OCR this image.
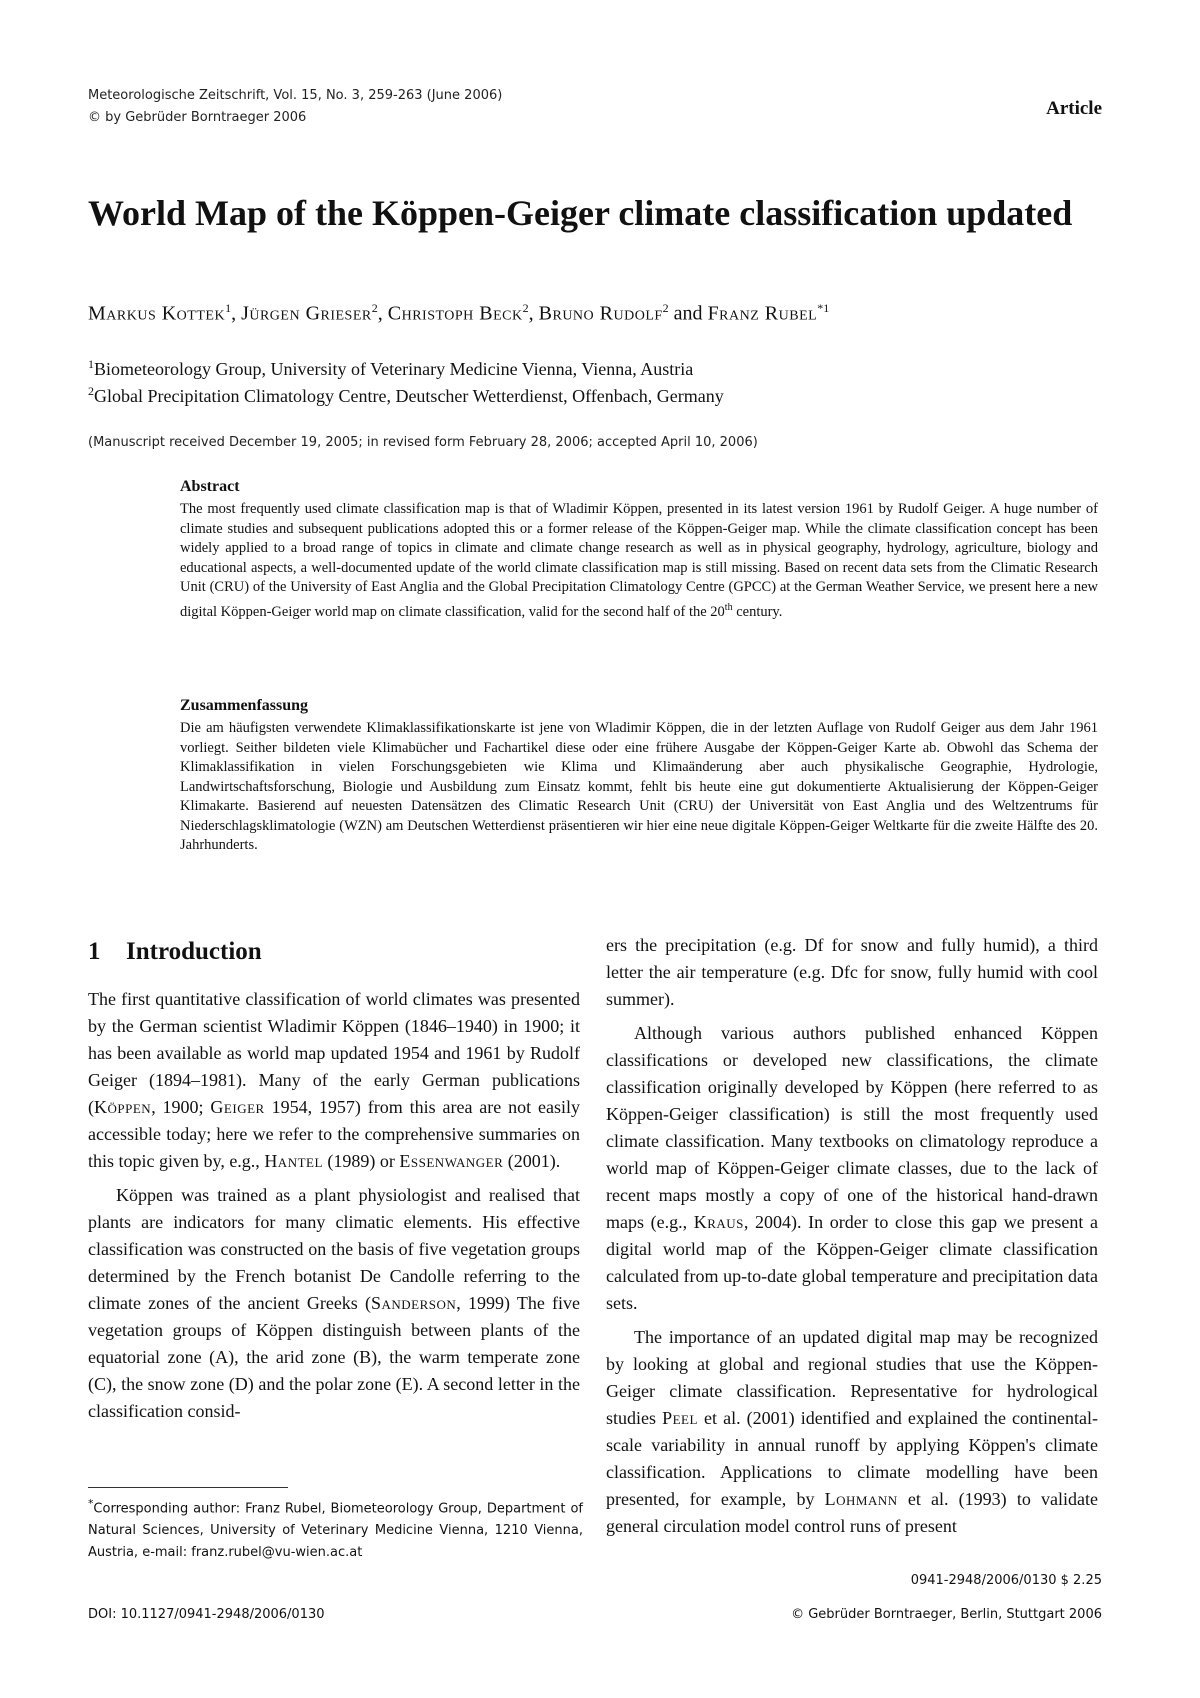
Meteorologische Zeitschrift, Vol. 15, No. 3, 259-263 (June 2006)
© by Gebrüder Borntraeger 2006	Article
World Map of the Köppen-Geiger climate classification updated
Markus Kottek$^1$, Jürgen Grieser$^2$, Christoph Beck$^2$, Bruno Rudolf$^2$ and Franz Rubel$^{*1}$
$^1$Biometeorology Group, University of Veterinary Medicine Vienna, Vienna, Austria
$^2$Global Precipitation Climatology Centre, Deutscher Wetterdienst, Offenbach, Germany
(Manuscript received December 19, 2005; in revised form February 28, 2006; accepted April 10, 2006)
Abstract

The most frequently used climate classification map is that of Wladimir Köppen, presented in its latest version 1961 by Rudolf Geiger. A huge number of climate studies and subsequent publications adopted this or a former release of the Köppen-Geiger map. While the climate classification concept has been widely applied to a broad range of topics in climate and climate change research as well as in physical geography, hydrology, agriculture, biology and educational aspects, a well-documented update of the world climate classification map is still missing. Based on recent data sets from the Climatic Research Unit (CRU) of the University of East Anglia and the Global Precipitation Climatology Centre (GPCC) at the German Weather Service, we present here a new digital Köppen-Geiger world map on climate classification, valid for the second half of the 20th century.

Zusammenfassung

Die am häufigsten verwendete Klimaklassifikationskarte ist jene von Wladimir Köppen, die in der letzten Auflage von Rudolf Geiger aus dem Jahr 1961 vorliegt. Seither bildeten viele Klimabücher und Fachartikel diese oder eine frühere Ausgabe der Köppen-Geiger Karte ab. Obwohl das Schema der Klimaklassifikation in vielen Forschungsgebieten wie Klima und Klimaänderung aber auch physikalische Geographie, Hydrologie, Landwirtschaftsforschung, Biologie und Ausbildung zum Einsatz kommt, fehlt bis heute eine gut dokumentierte Aktualisierung der Köppen-Geiger Klimakarte. Basierend auf neuesten Datensätzen des Climatic Research Unit (CRU) der Universität von East Anglia und des Weltzentrums für Niederschlagsklimatologie (WZN) am Deutschen Wetterdienst präsentieren wir hier eine neue digitale Köppen-Geiger Weltkarte für die zweite Hälfte des 20. Jahrhunderts.

1 Introduction

The first quantitative classification of world climates was presented by the German scientist Wladimir Köppen (1846–1940) in 1900; it has been available as world map updated 1954 and 1961 by Rudolf Geiger (1894–1981). Many of the early German publications (Köppen, 1900; Geiger 1954, 1957) from this area are not easily accessible today; here we refer to the comprehensive summaries on this topic given by, e.g., Hantel (1989) or Essenwanger (2001).

Köppen was trained as a plant physiologist and realised that plants are indicators for many climatic elements. His effective classification was constructed on the basis of five vegetation groups determined by the French botanist De Candolle referring to the climate zones of the ancient Greeks (Sanderson, 1999) The five vegetation groups of Köppen distinguish between plants of the equatorial zone (A), the arid zone (B), the warm temperate zone (C), the snow zone (D) and the polar zone (E). A second letter in the classification consid-

ers the precipitation (e.g. Df for snow and fully humid), a third letter the air temperature (e.g. Dfc for snow, fully humid with cool summer).

Although various authors published enhanced Köppen classifications or developed new classifications, the climate classification originally developed by Köppen (here referred to as Köppen-Geiger classification) is still the most frequently used climate classification. Many textbooks on climatology reproduce a world map of Köppen-Geiger climate classes, due to the lack of recent maps mostly a copy of one of the historical hand-drawn maps (e.g., Kraus, 2004). In order to close this gap we present a digital world map of the Köppen-Geiger climate classification calculated from up-to-date global temperature and precipitation data sets.

The importance of an updated digital map may be recognized by looking at global and regional studies that use the Köppen-Geiger climate classification. Representative for hydrological studies Peel et al. (2001) identified and explained the continental-scale variability in annual runoff by applying Köppen's climate classification. Applications to climate modelling have been presented, for example, by Lohmann et al. (1993) to validate general circulation model control runs of present

*Corresponding author: Franz Rubel, Biometeorology Group, Department of Natural Sciences, University of Veterinary Medicine Vienna, 1210 Vienna, Austria, e-mail: franz.rubel@vu-wien.ac.at
0941-2948/2006/0130 $ 2.25
DOI: 10.1127/0941-2948/2006/0130	© Gebrüder Borntraeger, Berlin, Stuttgart 2006
